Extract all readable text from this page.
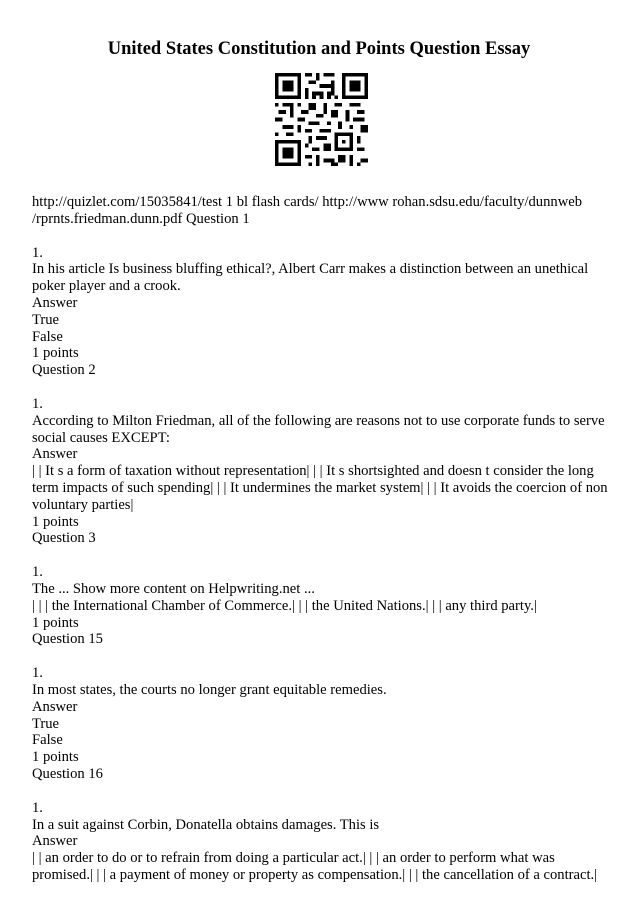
United States Constitution and Points Question Essay
http://quizlet.com/15035841/test 1 bl flash cards/ http://www rohan.sdsu.edu/faculty/dunnweb /rprnts.friedman.dunn.pdf Question 1
1.
In his article Is business bluffing ethical?, Albert Carr makes a distinction between an unethical poker player and a crook.
Answer
True
False
1 points
Question 2
1.
According to Milton Friedman, all of the following are reasons not to use corporate funds to serve social causes EXCEPT:
Answer
| | It s a form of taxation without representation| | | It s shortsighted and doesn t consider the long term impacts of such spending| | | It undermines the market system| | | It avoids the coercion of non voluntary parties|
1 points
Question 3
1.
The ... Show more content on Helpwriting.net ...
| | | the International Chamber of Commerce.| | | the United Nations.| | | any third party.|
1 points
Question 15
1.
In most states, the courts no longer grant equitable remedies.
Answer
True
False
1 points
Question 16
1.
In a suit against Corbin, Donatella obtains damages. This is
Answer
| | an order to do or to refrain from doing a particular act.| | | an order to perform what was promised.| | | a payment of money or property as compensation.| | | the cancellation of a contract.|
